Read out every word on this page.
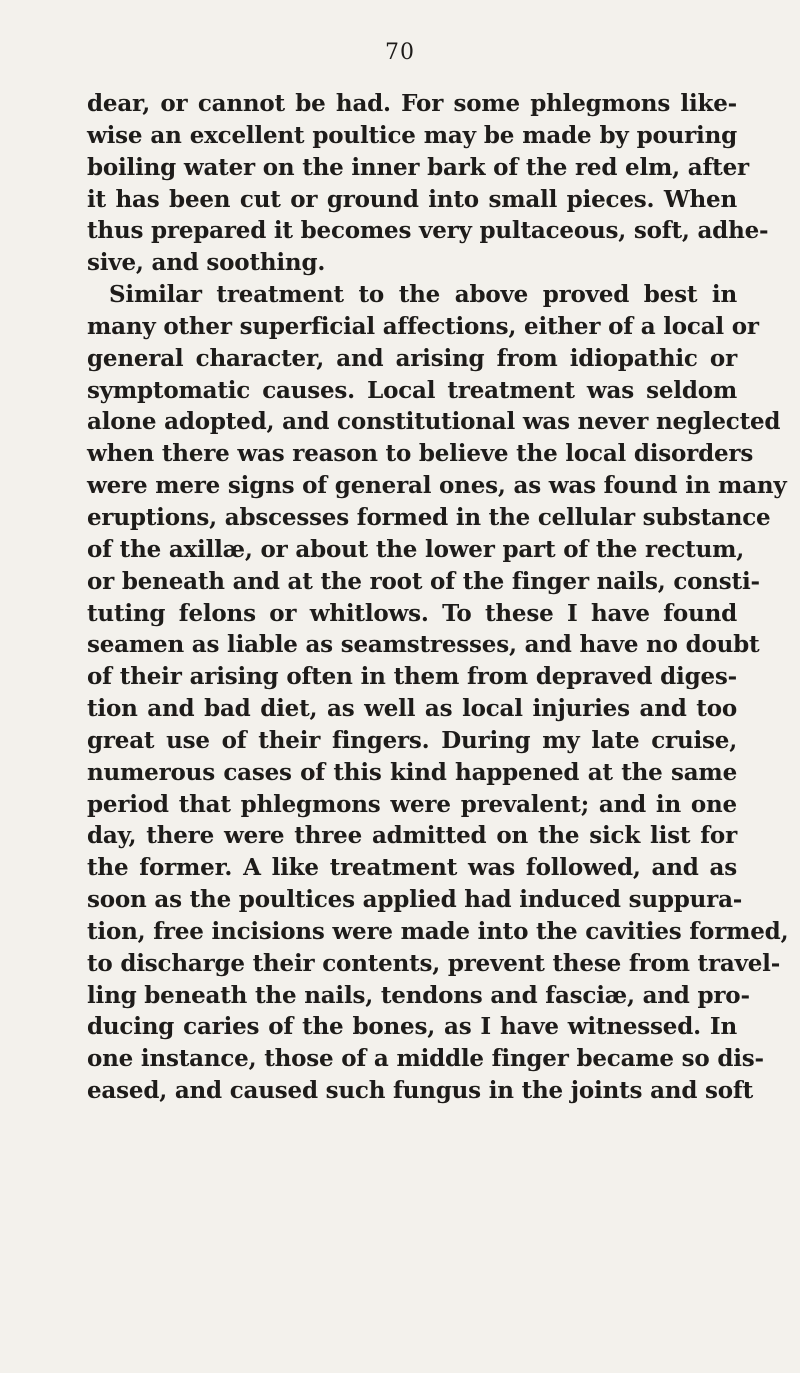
70
dear, or cannot be had. For some phlegmons like-
wise an excellent poultice may be made by pouring
boiling water on the inner bark of the red elm, after
it has been cut or ground into small pieces. When
thus prepared it becomes very pultaceous, soft, adhe-
sive, and soothing.
Similar treatment to the above proved best in
many other superficial affections, either of a local or
general character, and arising from idiopathic or
symptomatic causes. Local treatment was seldom
alone adopted, and constitutional was never neglected
when there was reason to believe the local disorders
were mere signs of general ones, as was found in many
eruptions, abscesses formed in the cellular substance
of the axillæ, or about the lower part of the rectum,
or beneath and at the root of the finger nails, consti-
tuting felons or whitlows. To these I have found
seamen as liable as seamstresses, and have no doubt
of their arising often in them from depraved diges-
tion and bad diet, as well as local injuries and too
great use of their fingers. During my late cruise,
numerous cases of this kind happened at the same
period that phlegmons were prevalent; and in one
day, there were three admitted on the sick list for
the former. A like treatment was followed, and as
soon as the poultices applied had induced suppura-
tion, free incisions were made into the cavities formed,
to discharge their contents, prevent these from travel-
ling beneath the nails, tendons and fasciæ, and pro-
ducing caries of the bones, as I have witnessed. In
one instance, those of a middle finger became so dis-
eased, and caused such fungus in the joints and soft
